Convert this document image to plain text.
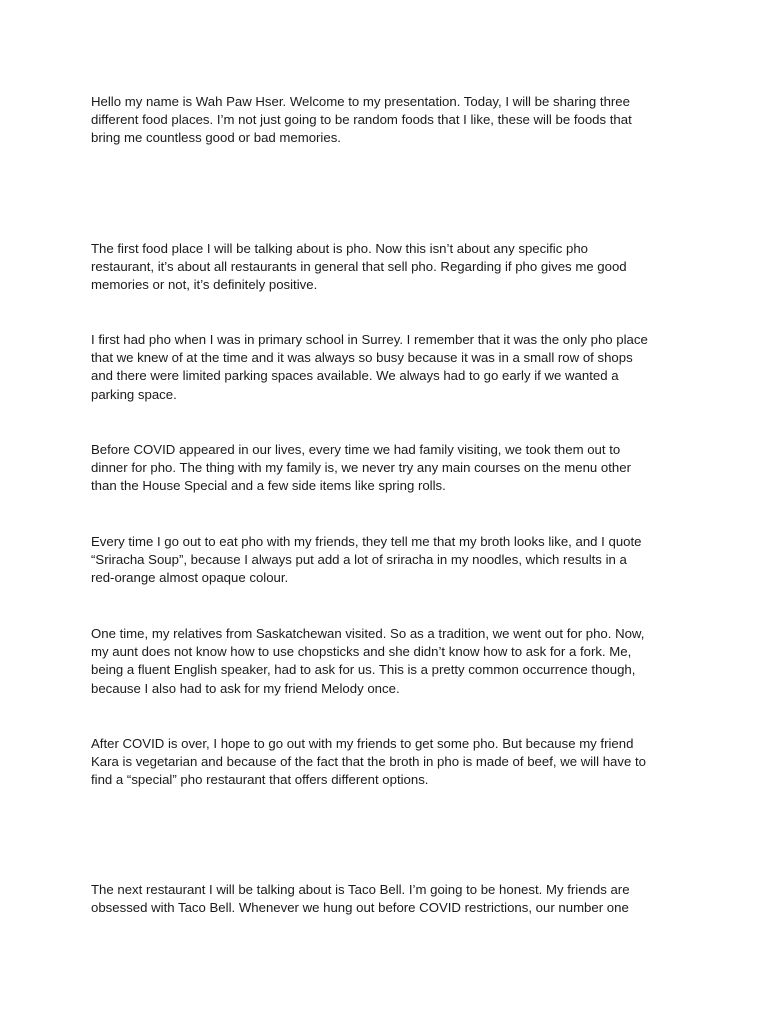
Hello my name is Wah Paw Hser. Welcome to my presentation. Today, I will be sharing three
different food places. I’m not just going to be random foods that I like, these will be foods that
bring me countless good or bad memories.

The first food place I will be talking about is pho. Now this isn’t about any specific pho
restaurant, it’s about all restaurants in general that sell pho. Regarding if pho gives me good
memories or not, it’s definitely positive.

I first had pho when I was in primary school in Surrey. I remember that it was the only pho place
that we knew of at the time and it was always so busy because it was in a small row of shops
and there were limited parking spaces available. We always had to go early if we wanted a
parking space.

Before COVID appeared in our lives, every time we had family visiting, we took them out to
dinner for pho. The thing with my family is, we never try any main courses on the menu other
than the House Special and a few side items like spring rolls.

Every time I go out to eat pho with my friends, they tell me that my broth looks like, and I quote
“Sriracha Soup”, because I always put add a lot of sriracha in my noodles, which results in a
red-orange almost opaque colour.

One time, my relatives from Saskatchewan visited. So as a tradition, we went out for pho. Now,
my aunt does not know how to use chopsticks and she didn’t know how to ask for a fork. Me,
being a fluent English speaker, had to ask for us. This is a pretty common occurrence though,
because I also had to ask for my friend Melody once.

After COVID is over, I hope to go out with my friends to get some pho. But because my friend
Kara is vegetarian and because of the fact that the broth in pho is made of beef, we will have to
find a “special” pho restaurant that offers different options.

The next restaurant I will be talking about is Taco Bell. I’m going to be honest. My friends are
obsessed with Taco Bell. Whenever we hung out before COVID restrictions, our number one
